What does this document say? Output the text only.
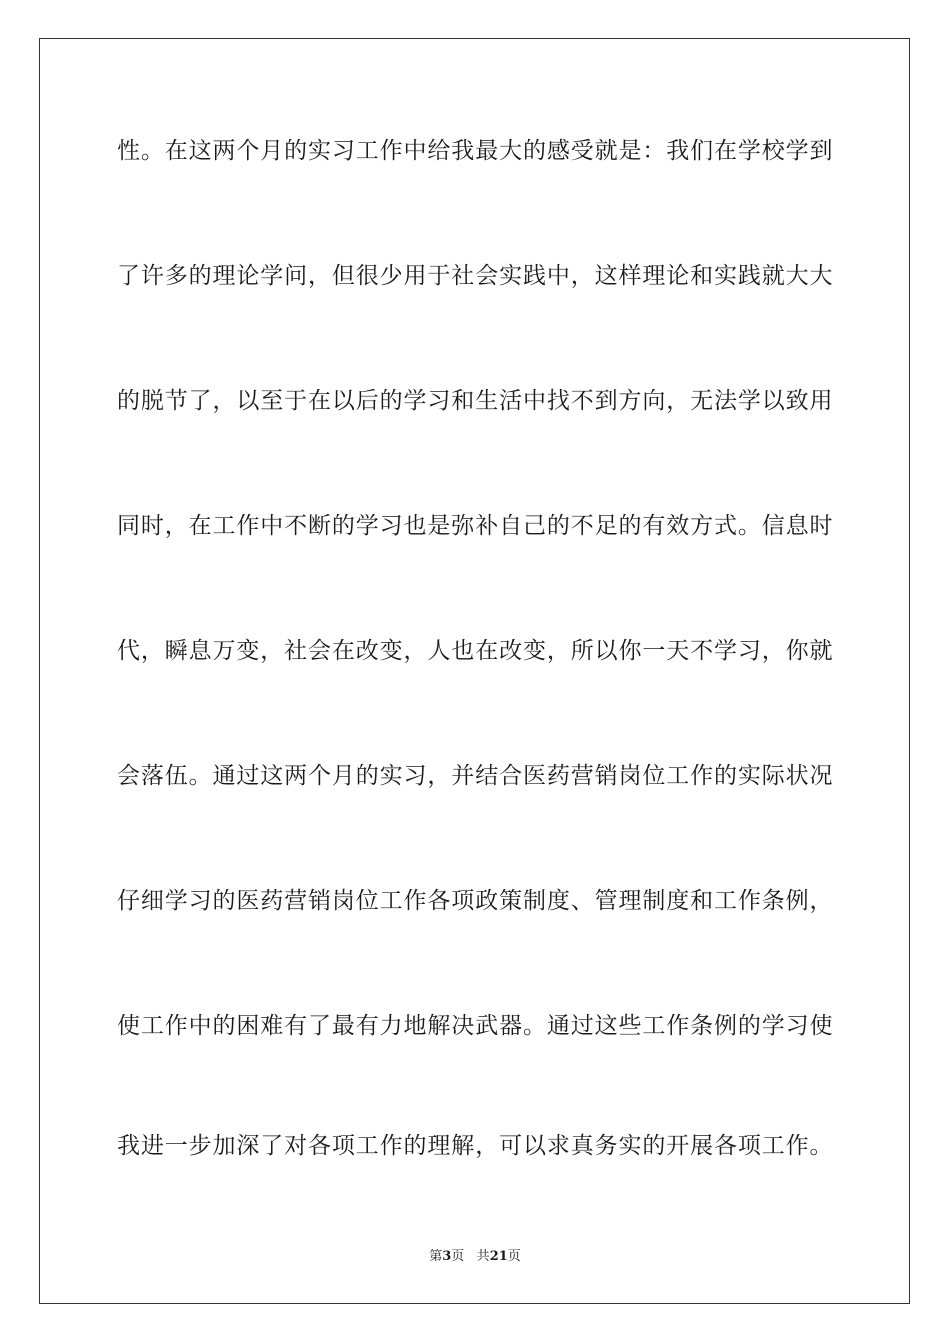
性。在这两个月的实习工作中给我最大的感受就是：我们在学校学到
了许多的理论学问，但很少用于社会实践中，这样理论和实践就大大
的脱节了，以至于在以后的学习和生活中找不到方向，无法学以致用
同时，在工作中不断的学习也是弥补自己的不足的有效方式。信息时
代，瞬息万变，社会在改变，人也在改变，所以你一天不学习，你就
会落伍。通过这两个月的实习，并结合医药营销岗位工作的实际状况
仔细学习的医药营销岗位工作各项政策制度、管理制度和工作条例，
使工作中的困难有了最有力地解决武器。通过这些工作条例的学习使
我进一步加深了对各项工作的理解，可以求真务实的开展各项工作。
第3页 共21页
